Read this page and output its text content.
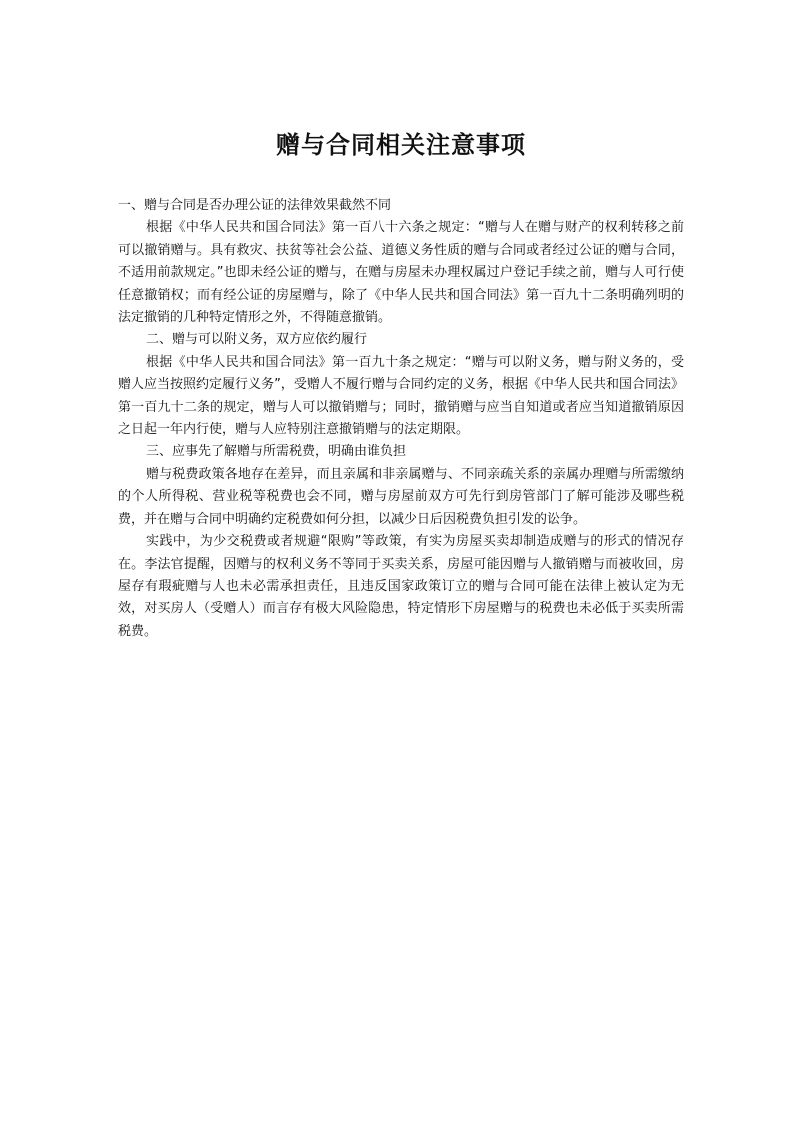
赠与合同相关注意事项

一、赠与合同是否办理公证的法律效果截然不同

根据《中华人民共和国合同法》第一百八十六条之规定：“赠与人在赠与财产的权利转移之前可以撤销赠与。具有救灾、扶贫等社会公益、道德义务性质的赠与合同或者经过公证的赠与合同，不适用前款规定。”也即未经公证的赠与，在赠与房屋未办理权属过户登记手续之前，赠与人可行使任意撤销权；而有经公证的房屋赠与，除了《中华人民共和国合同法》第一百九十二条明确列明的法定撤销的几种特定情形之外，不得随意撤销。

二、赠与可以附义务，双方应依约履行

根据《中华人民共和国合同法》第一百九十条之规定：“赠与可以附义务，赠与附义务的，受赠人应当按照约定履行义务”，受赠人不履行赠与合同约定的义务，根据《中华人民共和国合同法》第一百九十二条的规定，赠与人可以撤销赠与；同时，撤销赠与应当自知道或者应当知道撤销原因之日起一年内行使，赠与人应特别注意撤销赠与的法定期限。

三、应事先了解赠与所需税费，明确由谁负担

赠与税费政策各地存在差异，而且亲属和非亲属赠与、不同亲疏关系的亲属办理赠与所需缴纳的个人所得税、营业税等税费也会不同，赠与房屋前双方可先行到房管部门了解可能涉及哪些税费，并在赠与合同中明确约定税费如何分担，以减少日后因税费负担引发的讼争。

实践中，为少交税费或者规避“限购”等政策，有实为房屋买卖却制造成赠与的形式的情况存在。李法官提醒，因赠与的权利义务不等同于买卖关系，房屋可能因赠与人撤销赠与而被收回，房屋存有瑕疵赠与人也未必需承担责任，且违反国家政策订立的赠与合同可能在法律上被认定为无效，对买房人（受赠人）而言存有极大风险隐患，特定情形下房屋赠与的税费也未必低于买卖所需税费。
